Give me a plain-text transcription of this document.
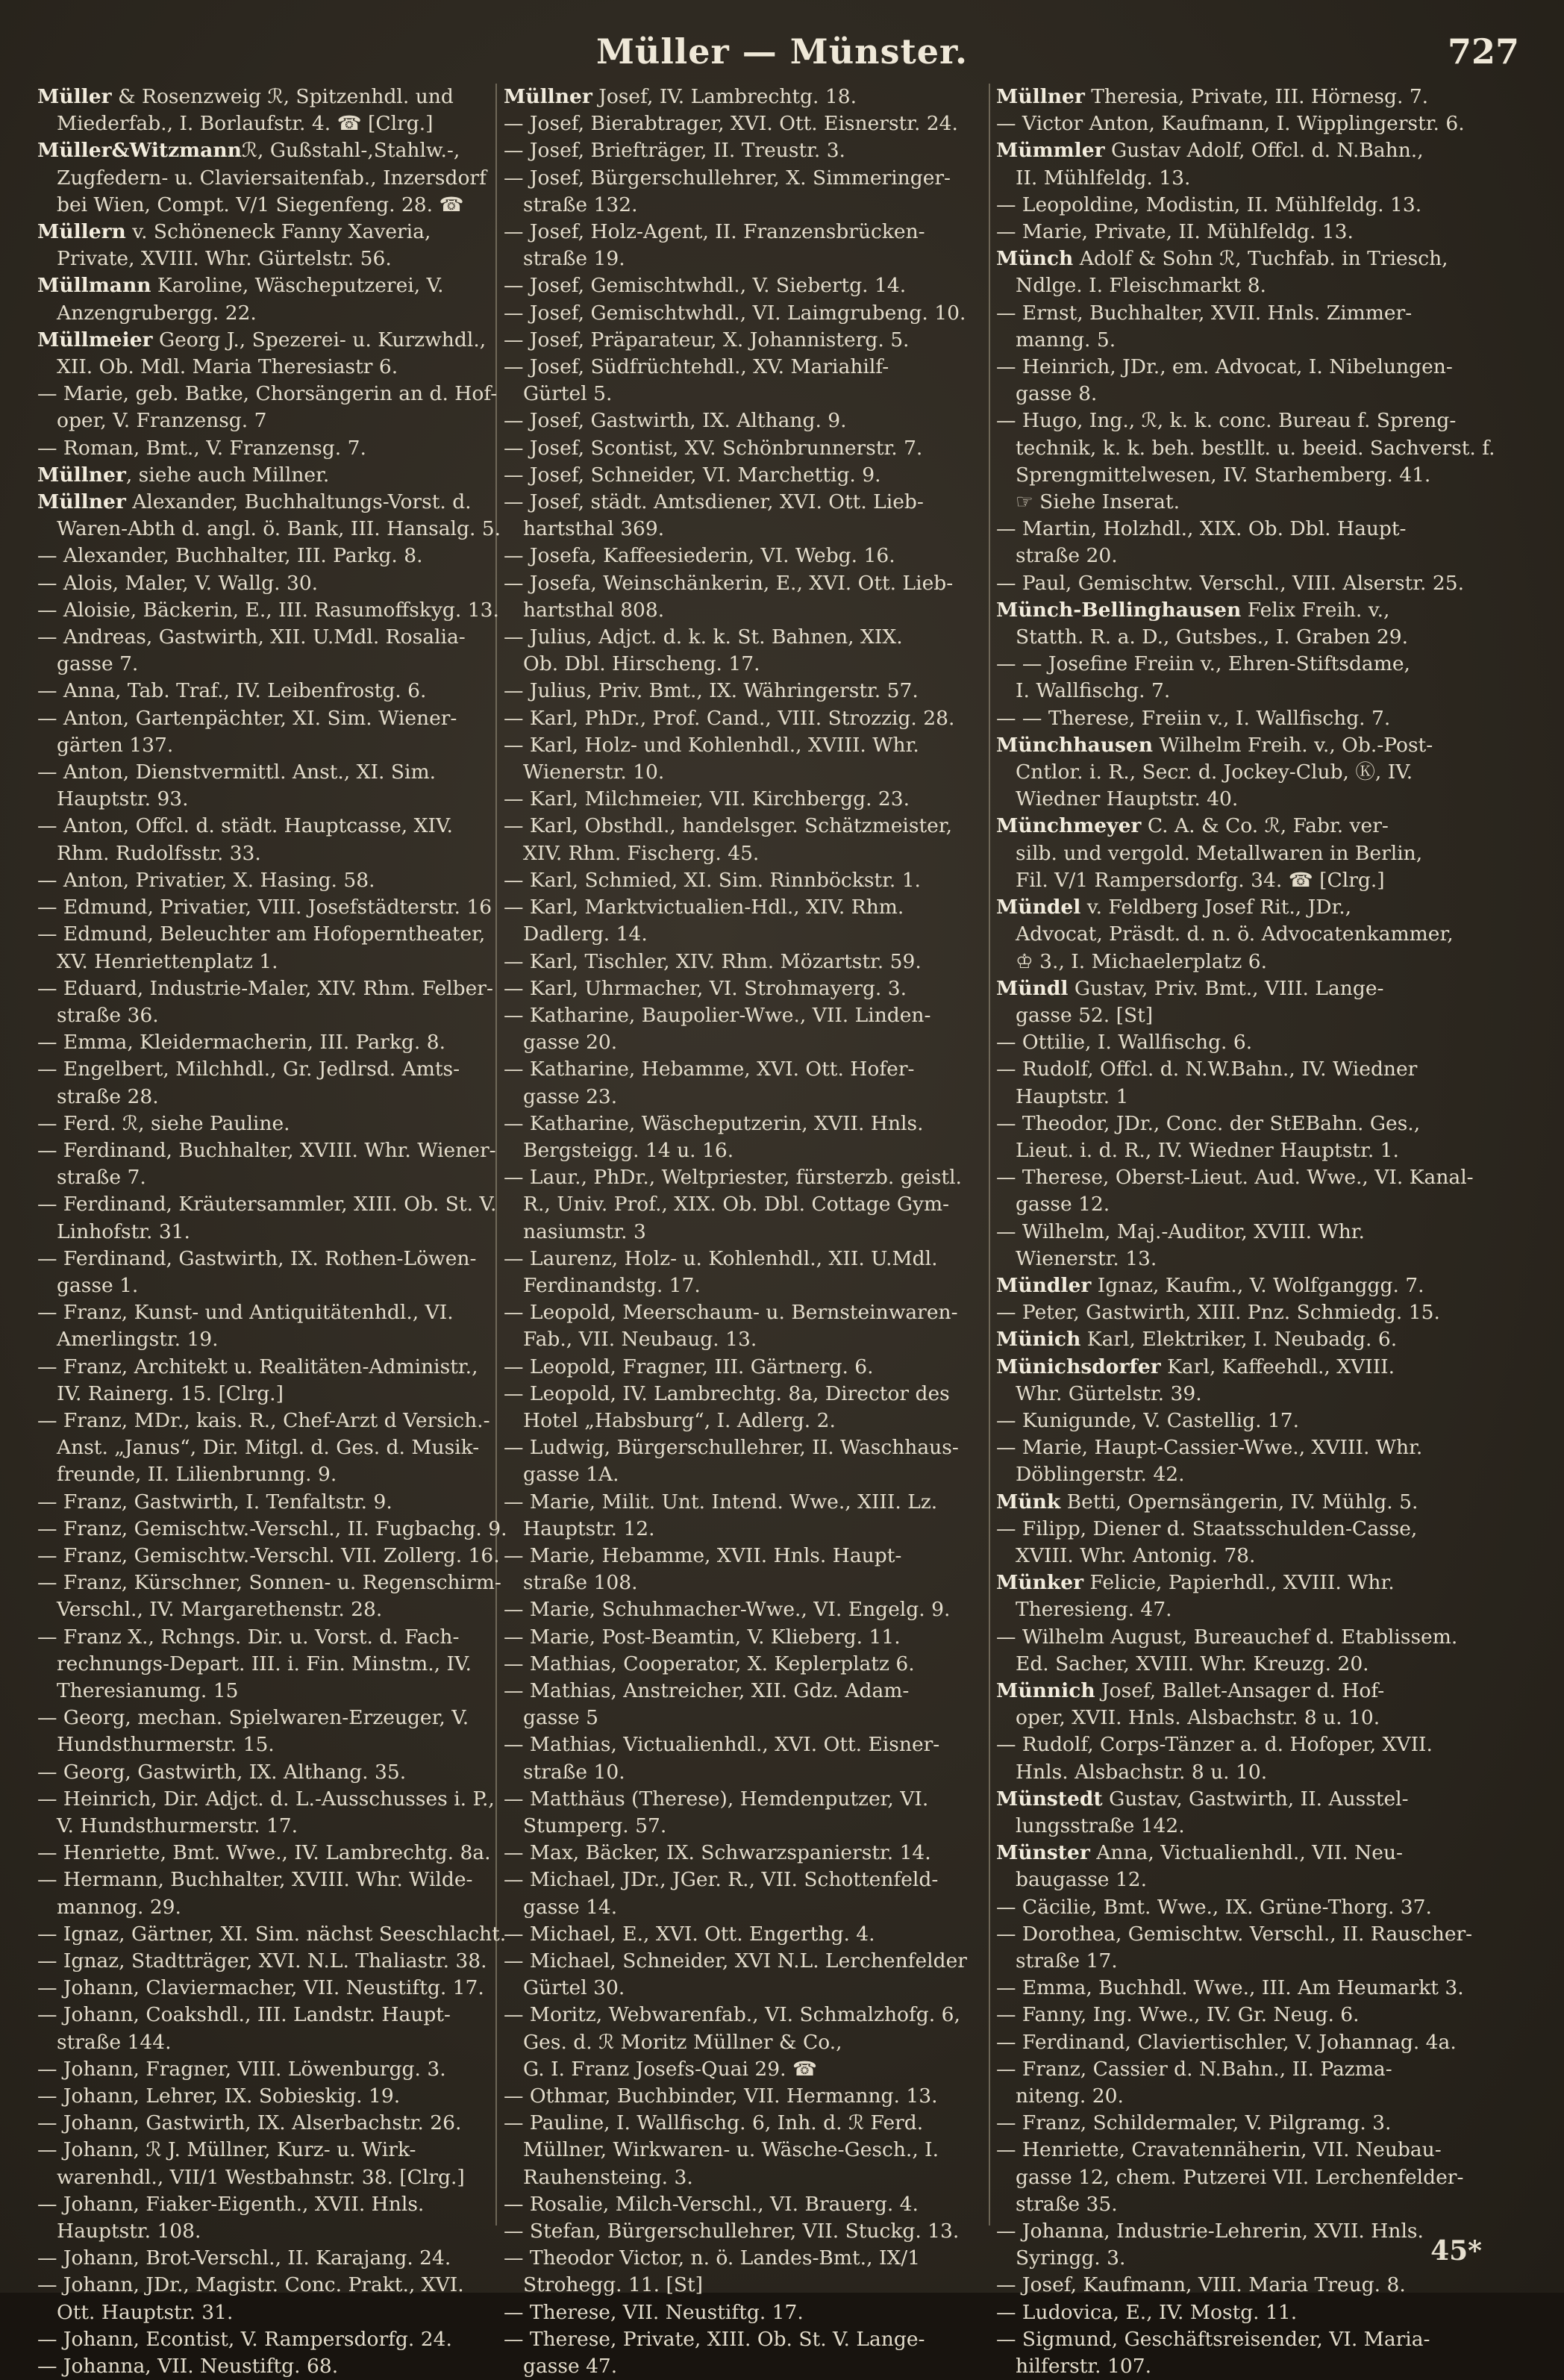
Müller — Münster.	727
Müller & Rosenzweig ℛ, Spitzenhdl. und
Miederfab., I. Borlaufstr. 4. ☎ [Clrg.]
Müller&Witzmannℛ, Gußstahl-,Stahlw.-,
Zugfedern- u. Claviersaitenfab., Inzersdorf
bei Wien, Compt. V/1 Siegenfeng. 28. ☎
Müllern v. Schönen⁠eck Fanny Xaveria,
Private, XVIII. Whr. Gürtelstr. 56.
Müllmann Karoline, Wäscheputzerei, V.
Anzengrubergg. 22.
Müllmeier Georg J., Spezerei- u. Kurzwhdl.,
XII. Ob. Mdl. Maria Theresiastr 6.
— Marie, geb. Batke, Chorsängerin an d. Hof-
oper, V. Franzensg. 7
— Roman, Bmt., V. Franzensg. 7.
Müllner, siehe auch Millner.
Müllner Alexander, Buchhaltungs-Vorst. d.
Waren-Abth d. angl. ö. Bank, III. Hansalg. 5.
— Alexander, Buchhalter, III. Parkg. 8.
— Alois, Maler, V. Wallg. 30.
— Aloisie, Bäckerin, E., III. Rasumoffskyg. 13.
— Andreas, Gastwirth, XII. U.Mdl. Rosalia-
gasse 7.
— Anna, Tab. Traf., IV. Leibenfrostg. 6.
— Anton, Gartenpächter, XI. Sim. Wiener-
gärten 137.
— Anton, Dienstvermittl. Anst., XI. Sim.
Hauptstr. 93.
— Anton, Offcl. d. städt. Hauptcasse, XIV.
Rhm. Rudolfsstr. 33.
— Anton, Privatier, X. Hasing. 58.
— Edmund, Privatier, VIII. Josefstädterstr. 16
— Edmund, Beleuchter am Hofoperntheater,
XV. Henriettenplatz 1.
— Eduard, Industrie-Maler, XIV. Rhm. Felber-
straße 36.
— Emma, Kleidermacherin, III. Parkg. 8.
— Engelbert, Milchhdl., Gr. Jedlrsd. Amts-
straße 28.
— Ferd. ℛ, siehe Pauline.
— Ferdinand, Buchhalter, XVIII. Whr. Wiener-
straße 7.
— Ferdinand, Kräutersammler, XIII. Ob. St. V.
Linhofstr. 31.
— Ferdinand, Gastwirth, IX. Rothen-Löwen-
gasse 1.
— Franz, Kunst- und Antiquitätenhdl., VI.
Amerlingstr. 19.
— Franz, Architekt u. Realitäten-Administr.,
IV. Rainerg. 15. [Clrg.]
— Franz, MDr., kais. R., Chef-Arzt d Versich.-
Anst. „Janus“, Dir. Mitgl. d. Ges. d. Musik-
freunde, II. Lilienbrunng. 9.
— Franz, Gastwirth, I. Tenfaltstr. 9.
— Franz, Gemischtw.-Verschl., II. Fugbachg. 9.
— Franz, Gemischtw.-Verschl. VII. Zollerg. 16.
— Franz, Kürschner, Sonnen- u. Regenschirm-
Verschl., IV. Margarethenstr. 28.
— Franz X., Rchngs. Dir. u. Vorst. d. Fach-
rechnungs-Depart. III. i. Fin. Minstm., IV.
Theresianumg. 15
— Georg, mechan. Spielwaren-Erzeuger, V.
Hundsthurmerstr. 15.
— Georg, Gastwirth, IX. Althang. 35.
— Heinrich, Dir. Adjct. d. L.-Ausschusses i. P.,
V. Hundsthurmerstr. 17.
— Henriette, Bmt. Wwe., IV. Lambrechtg. 8a.
— Hermann, Buchhalter, XVIII. Whr. Wilde-
mannog. 29.
— Ignaz, Gärtner, XI. Sim. nächst Seeschlacht.
— Ignaz, Stadtträger, XVI. N.L. Thaliastr. 38.
— Johann, Claviermacher, VII. Neustiftg. 17.
— Johann, Coakshdl., III. Landstr. Haupt-
straße 144.
— Johann, Fragner, VIII. Löwenburgg. 3.
— Johann, Lehrer, IX. Sobieskig. 19.
— Johann, Gastwirth, IX. Alserbachstr. 26.
— Johann, ℛ J. Müllner, Kurz- u. Wirk-
warenhdl., VII/1 Westbahnstr. 38. [Clrg.]
— Johann, Fiaker-Eigenth., XVII. Hnls.
Hauptstr. 108.
— Johann, Brot-Verschl., II. Karajang. 24.
— Johann, JDr., Magistr. Conc. Prakt., XVI.
Ott. Hauptstr. 31.
— Johann, Econtist, V. Rampersdorfg. 24.
— Johanna, VII. Neustiftg. 68.
Müllner Josef, IV. Lambrechtg. 18.
— Josef, Bierabtrager, XVI. Ott. Eisnerstr. 24.
— Josef, Briefträger, II. Treustr. 3.
— Josef, Bürgerschullehrer, X. Simmeringer-
straße 132.
— Josef, Holz-Agent, II. Franzensbrücken-
straße 19.
— Josef, Gemischtwhdl., V. Siebertg. 14.
— Josef, Gemischtwhdl., VI. Laimgrubeng. 10.
— Josef, Präparateur, X. Johannisterg. 5.
— Josef, Südfrüchtehdl., XV. Mariahilf-
Gürtel 5.
— Josef, Gastwirth, IX. Althang. 9.
— Josef, Scontist, XV. Schönbrunnerstr. 7.
— Josef, Schneider, VI. Marchettig. 9.
— Josef, städt. Amtsdiener, XVI. Ott. Lieb-
hartsthal 369.
— Josefa, Kaffeesiederin, VI. Webg. 16.
— Josefa, Weinschänkerin, E., XVI. Ott. Lieb-
hartsthal 808.
— Julius, Adjct. d. k. k. St. Bahnen, XIX.
Ob. Dbl. Hirscheng. 17.
— Julius, Priv. Bmt., IX. Währingerstr. 57.
— Karl, PhDr., Prof. Cand., VIII. Strozzig. 28.
— Karl, Holz- und Kohlenhdl., XVIII. Whr.
Wienerstr. 10.
— Karl, Milchmeier, VII. Kirchbergg. 23.
— Karl, Obsthdl., handelsger. Schätzmeister,
XIV. Rhm. Fischerg. 45.
— Karl, Schmied, XI. Sim. Rinnböckstr. 1.
— Karl, Marktvictualien-Hdl., XIV. Rhm.
Dadlerg. 14.
— Karl, Tischler, XIV. Rhm. Mözartstr. 59.
— Karl, Uhrmacher, VI. Strohmayerg. 3.
— Katharine, Baupolier-Wwe., VII. Linden-
gasse 20.
— Katharine, Hebamme, XVI. Ott. Hofer-
gasse 23.
— Katharine, Wäscheputzerin, XVII. Hnls.
Bergsteigg. 14 u. 16.
— Laur., PhDr., Weltpriester, fürsterzb. geistl.
R., Univ. Prof., XIX. Ob. Dbl. Cottage Gym-
nasiumstr. 3
— Laurenz, Holz- u. Kohlenhdl., XII. U.Mdl.
Ferdinandstg. 17.
— Leopold, Meerschaum- u. Bernsteinwaren-
Fab., VII. Neubaug. 13.
— Leopold, Fragner, III. Gärtnerg. 6.
— Leopold, IV. Lambrechtg. 8a, Director des
Hotel „Habsburg“, I. Adlerg. 2.
— Ludwig, Bürgerschullehrer, II. Waschhaus-
gasse 1A.
— Marie, Milit. Unt. Intend. Wwe., XIII. Lz.
Hauptstr. 12.
— Marie, Hebamme, XVII. Hnls. Haupt-
straße 108.
— Marie, Schuhmacher-Wwe., VI. Engelg. 9.
— Marie, Post-Beamtin, V. Klieberg. 11.
— Mathias, Cooperator, X. Keplerplatz 6.
— Mathias, Anstreicher, XII. Gdz. Adam-
gasse 5
— Mathias, Victualienhdl., XVI. Ott. Eisner-
straße 10.
— Matthäus (Therese), Hemdenputzer, VI.
Stumperg. 57.
— Max, Bäcker, IX. Schwarzspanierstr. 14.
— Michael, JDr., JGer. R., VII. Schottenfeld-
gasse 14.
— Michael, E., XVI. Ott. Engerthg. 4.
— Michael, Schneider, XVI N.L. Lerchenfelder
Gürtel 30.
— Moritz, Webwarenfab., VI. Schmalzhofg. 6,
Ges. d. ℛ Moritz Müllner & Co.,
G. I. Franz Josefs-Quai 29. ☎
— Othmar, Buchbinder, VII. Hermanng. 13.
— Pauline, I. Wallfischg. 6, Inh. d. ℛ Ferd.
Müllner, Wirkwaren- u. Wäsche-Gesch., I.
Rauhensteing. 3.
— Rosalie, Milch-Verschl., VI. Brauerg. 4.
— Stefan, Bürgerschullehrer, VII. Stuckg. 13.
— Theodor Victor, n. ö. Landes-Bmt., IX/1
Strohegg. 11. [St]
— Therese, VII. Neustiftg. 17.
— Therese, Private, XIII. Ob. St. V. Lange-
gasse 47.
Müllner Theresia, Private, III. Hörnesg. 7.
— Victor Anton, Kaufmann, I. Wipplingerstr. 6.
Mümmler Gustav Adolf, Offcl. d. N.Bahn.,
II. Mühlfeldg. 13.
— Leopoldine, Modistin, II. Mühlfeldg. 13.
— Marie, Private, II. Mühlfeldg. 13.
Münch Adolf & Sohn ℛ, Tuchfab. in Triesch,
Ndlge. I. Fleischmarkt 8.
— Ernst, Buchhalter, XVII. Hnls. Zimmer-
manng. 5.
— Heinrich, JDr., em. Advocat, I. Nibelungen-
gasse 8.
— Hugo, Ing., ℛ, k. k. conc. Bureau f. Spreng-
technik, k. k. beh. bestllt. u. beeid. Sachverst. f.
Sprengmittelwesen, IV. Starhemberg. 41.
☞ Siehe Inserat.
— Martin, Holzhdl., XIX. Ob. Dbl. Haupt-
straße 20.
— Paul, Gemischtw. Verschl., VIII. Alserstr. 25.
Münch-Bellinghausen Felix Freih. v.,
Statth. R. a. D., Gutsbes., I. Graben 29.
— — Josefine Freiin v., Ehren-Stiftsdame,
I. Wallfischg. 7.
— — Therese, Freiin v., I. Wallfischg. 7.
Münchhausen Wilhelm Freih. v., Ob.-Post-
Cntlor. i. R., Secr. d. Jockey-Club, Ⓚ, IV.
Wiedner Hauptstr. 40.
Münchmeyer C. A. & Co. ℛ, Fabr. ver-
silb. und vergold. Metallwaren in Berlin,
Fil. V/1 Rampersdorfg. 34. ☎ [Clrg.]
Mündel v. Feldberg Josef Rit., JDr.,
Advocat, Präsdt. d. n. ö. Advocatenkammer,
♔ 3., I. Michaelerplatz 6.
Mündl Gustav, Priv. Bmt., VIII. Lange-
gasse 52. [St]
— Ottilie, I. Wallfischg. 6.
— Rudolf, Offcl. d. N.W.Bahn., IV. Wiedner
Hauptstr. 1
— Theodor, JDr., Conc. der StEBahn. Ges.,
Lieut. i. d. R., IV. Wiedner Hauptstr. 1.
— Therese, Oberst-Lieut. Aud. Wwe., VI. Kanal-
gasse 12.
— Wilhelm, Maj.-Auditor, XVIII. Whr.
Wienerstr. 13.
Mündler Ignaz, Kaufm., V. Wolfganggg. 7.
— Peter, Gastwirth, XIII. Pnz. Schmiedg. 15.
Münich Karl, Elektriker, I. Neubadg. 6.
Münichsdorfer Karl, Kaffeehdl., XVIII.
Whr. Gürtelstr. 39.
— Kunigunde, V. Castellig. 17.
— Marie, Haupt-Cassier-Wwe., XVIII. Whr.
Döblingerstr. 42.
Münk Betti, Opernsängerin, IV. Mühlg. 5.
— Filipp, Diener d. Staatsschulden-Casse,
XVIII. Whr. Antonig. 78.
Münker Felicie, Papierhdl., XVIII. Whr.
Theresieng. 47.
— Wilhelm August, Bureauchef d. Etablissem.
Ed. Sacher, XVIII. Whr. Kreuzg. 20.
Münnich Josef, Ballet-Ansager d. Hof-
oper, XVII. Hnls. Alsbachstr. 8 u. 10.
— Rudolf, Corps-Tänzer a. d. Hofoper, XVII.
Hnls. Alsbachstr. 8 u. 10.
Münstedt Gustav, Gastwirth, II. Ausstel-
lungsstraße 142.
Münster Anna, Victualienhdl., VII. Neu-
baugasse 12.
— Cäcilie, Bmt. Wwe., IX. Grüne-Thorg. 37.
— Dorothea, Gemischtw. Verschl., II. Rauscher-
straße 17.
— Emma, Buchhdl. Wwe., III. Am Heumarkt 3.
— Fanny, Ing. Wwe., IV. Gr. Neug. 6.
— Ferdinand, Claviertischler, V. Johannag. 4a.
— Franz, Cassier d. N.Bahn., II. Pazma-
niteng. 20.
— Franz, Schildermaler, V. Pilgramg. 3.
— Henriette, Cravatennäherin, VII. Neubau-
gasse 12, chem. Putzerei VII. Lerchenfelder-
straße 35.
— Johanna, Industrie-Lehrerin, XVII. Hnls.
Syringg. 3.
— Josef, Kaufmann, VIII. Maria Treug. 8.
— Ludovica, E., IV. Mostg. 11.
— Sigmund, Geschäftsreisender, VI. Maria-
hilferstr. 107.
45*
